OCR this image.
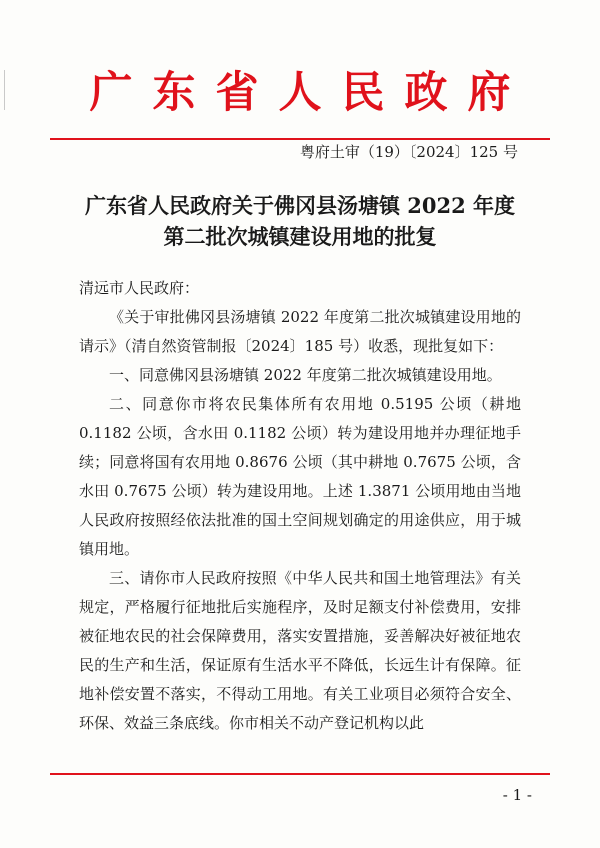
广东省人民政府
粤府土审（19）〔2024〕125 号
广东省人民政府关于佛冈县汤塘镇 2022 年度
第二批次城镇建设用地的批复

清远市人民政府：

《关于审批佛冈县汤塘镇 2022 年度第二批次城镇建设用地的请示》（清自然资管制报〔2024〕185 号）收悉，现批复如下：

一、同意佛冈县汤塘镇 2022 年度第二批次城镇建设用地。

二、同意你市将农民集体所有农用地 0.5195 公顷（耕地 0.1182 公顷，含水田 0.1182 公顷）转为建设用地并办理征地手续；同意将国有农用地 0.8676 公顷（其中耕地 0.7675 公顷，含水田 0.7675 公顷）转为建设用地。上述 1.3871 公顷用地由当地人民政府按照经依法批准的国土空间规划确定的用途供应，用于城镇用地。

三、请你市人民政府按照《中华人民共和国土地管理法》有关规定，严格履行征地批后实施程序，及时足额支付补偿费用，安排被征地农民的社会保障费用，落实安置措施，妥善解决好被征地农民的生产和生活，保证原有生活水平不降低，长远生计有保障。征地补偿安置不落实，不得动工用地。有关工业项目必须符合安全、环保、效益三条底线。你市相关不动产登记机构以此

- 1 -
